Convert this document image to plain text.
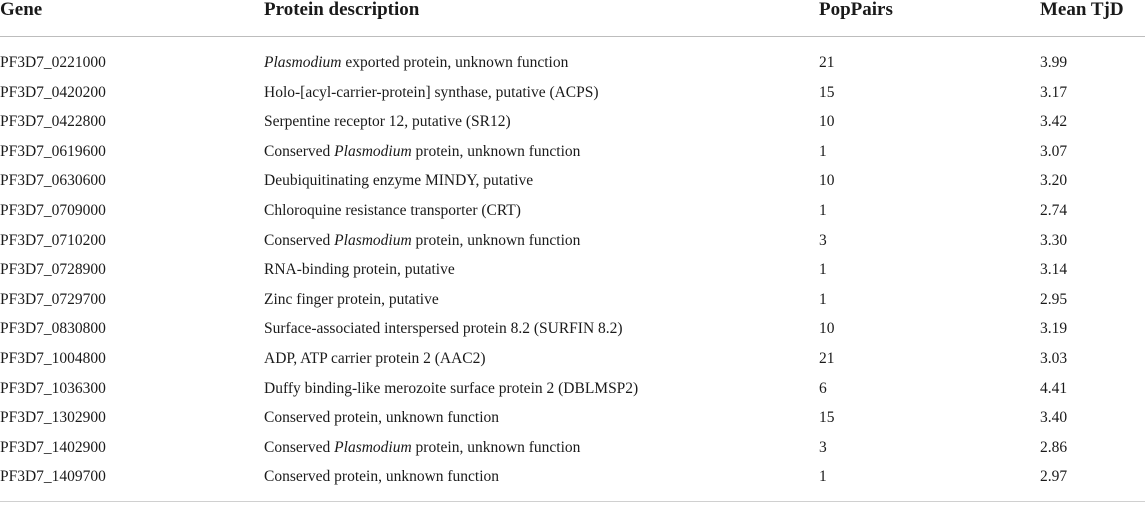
Gene	Protein description	PopPairs	Mean TjD
PF3D7_0221000	Plasmodium exported protein, unknown function	21	3.99
PF3D7_0420200	Holo-[acyl-carrier-protein] synthase, putative (ACPS)	15	3.17
PF3D7_0422800	Serpentine receptor 12, putative (SR12)	10	3.42
PF3D7_0619600	Conserved Plasmodium protein, unknown function	1	3.07
PF3D7_0630600	Deubiquitinating enzyme MINDY, putative	10	3.20
PF3D7_0709000	Chloroquine resistance transporter (CRT)	1	2.74
PF3D7_0710200	Conserved Plasmodium protein, unknown function	3	3.30
PF3D7_0728900	RNA-binding protein, putative	1	3.14
PF3D7_0729700	Zinc finger protein, putative	1	2.95
PF3D7_0830800	Surface-associated interspersed protein 8.2 (SURFIN 8.2)	10	3.19
PF3D7_1004800	ADP, ATP carrier protein 2 (AAC2)	21	3.03
PF3D7_1036300	Duffy binding-like merozoite surface protein 2 (DBLMSP2)	6	4.41
PF3D7_1302900	Conserved protein, unknown function	15	3.40
PF3D7_1402900	Conserved Plasmodium protein, unknown function	3	2.86
PF3D7_1409700	Conserved protein, unknown function	1	2.97
